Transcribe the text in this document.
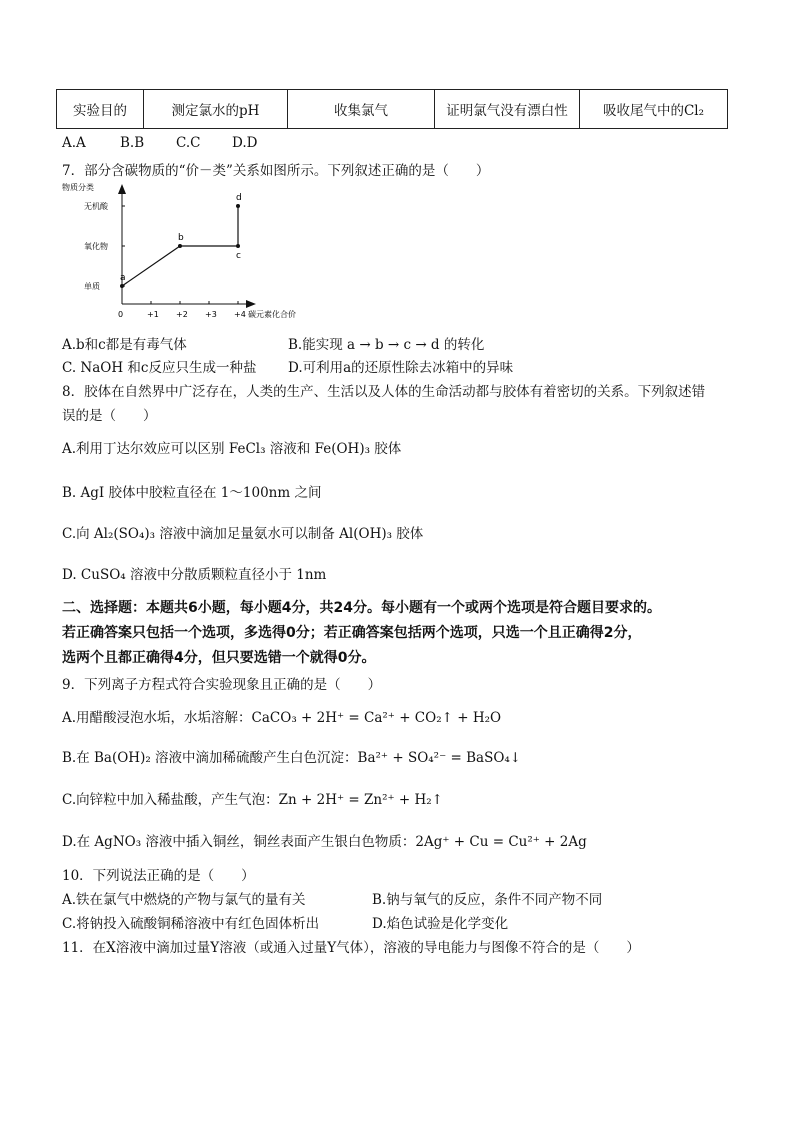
实验目的	测定氯水的pH	收集氯气	证明氯气没有漂白性	吸收尾气中的Cl₂
A.A	B.B C.C D.D
7．部分含碳物质的“价－类”关系如图所示。下列叙述正确的是（　　）
物质分类
碳元素化合价
单质
氧化物
无机酸
0	+1 +2 +3 +4
a
b
c
d
A.b和c都是有毒气体	B.能实现 a → b → c → d 的转化
C. NaOH 和c反应只生成一种盐 D.可利用a的还原性除去冰箱中的异味
8．胶体在自然界中广泛存在，人类的生产、生活以及人体的生命活动都与胶体有着密切的关系。下列叙述错
误的是（　　）
A.利用丁达尔效应可以区别 FeCl₃ 溶液和 Fe(OH)₃ 胶体
B. AgI 胶体中胶粒直径在 1～100nm 之间
C.向 Al₂(SO₄)₃ 溶液中滴加足量氨水可以制备 Al(OH)₃ 胶体
D. CuSO₄ 溶液中分散质颗粒直径小于 1nm
二、选择题：本题共6小题，每小题4分，共24分。每小题有一个或两个选项是符合题目要求的。
若正确答案只包括一个选项，多选得0分；若正确答案包括两个选项，只选一个且正确得2分，
选两个且都正确得4分，但只要选错一个就得0分。
9．下列离子方程式符合实验现象且正确的是（　　）
A.用醋酸浸泡水垢，水垢溶解：CaCO₃ + 2H⁺ = Ca²⁺ + CO₂↑ + H₂O
B.在 Ba(OH)₂ 溶液中滴加稀硫酸产生白色沉淀：Ba²⁺ + SO₄²⁻ = BaSO₄↓
C.向锌粒中加入稀盐酸，产生气泡：Zn + 2H⁺ = Zn²⁺ + H₂↑
D.在 AgNO₃ 溶液中插入铜丝，铜丝表面产生银白色物质：2Ag⁺ + Cu = Cu²⁺ + 2Ag
10．下列说法正确的是（　　）
A.铁在氯气中燃烧的产物与氯气的量有关	B.钠与氧气的反应，条件不同产物不同
C.将钠投入硫酸铜稀溶液中有红色固体析出	D.焰色试验是化学变化
11．在X溶液中滴加过量Y溶液（或通入过量Y气体），溶液的导电能力与图像不符合的是（　　）
